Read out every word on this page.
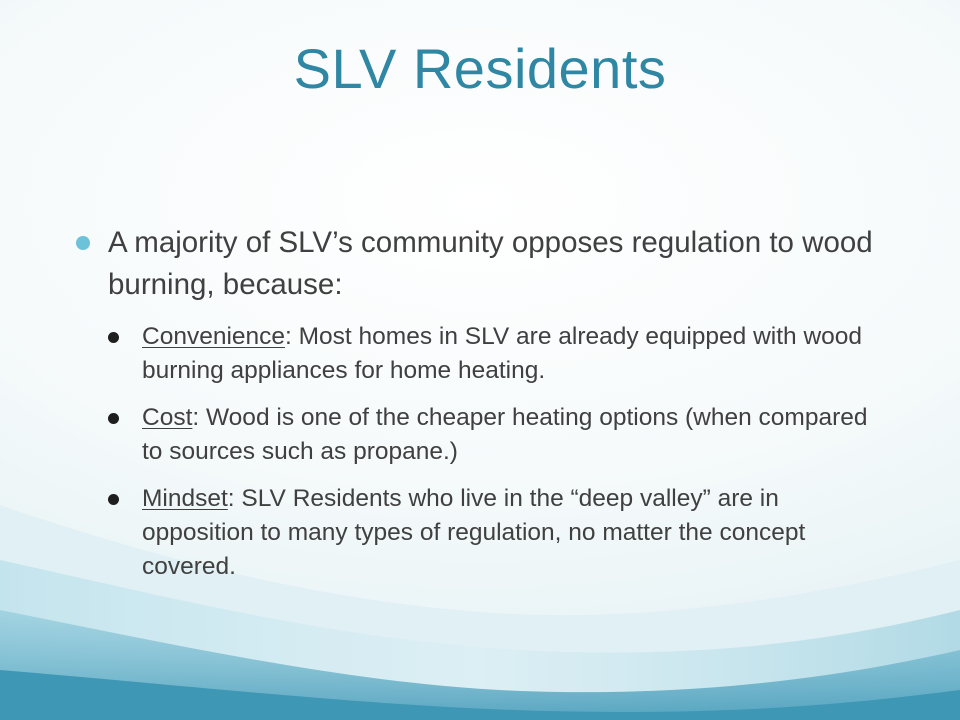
SLV Residents
A majority of SLV’s community opposes regulation to wood burning, because:
Convenience: Most homes in SLV are already equipped with wood burning appliances for home heating.
Cost: Wood is one of the cheaper heating options (when compared to sources such as propane.)
Mindset: SLV Residents who live in the “deep valley” are in opposition to many types of regulation, no matter the concept covered.
